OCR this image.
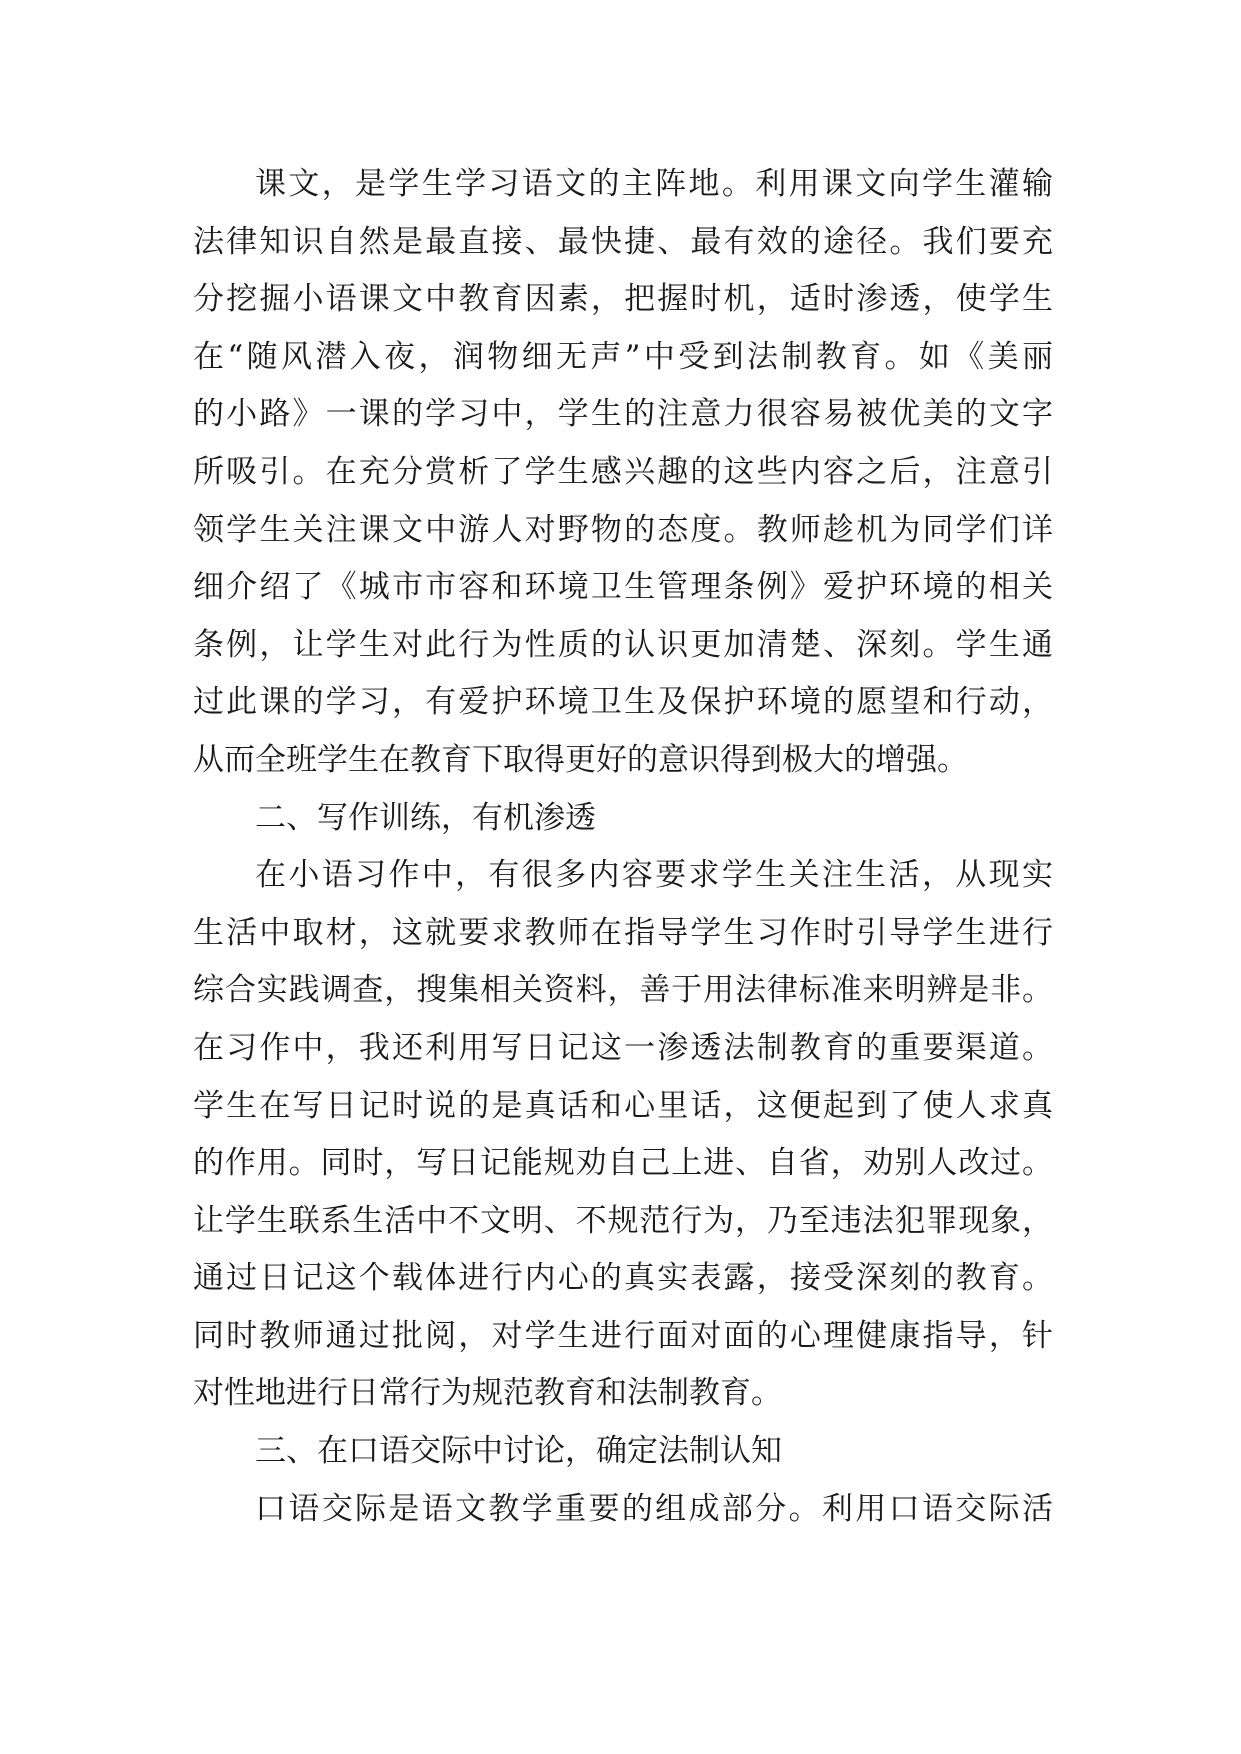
课文，是学生学习语文的主阵地。利用课文向学生灌输
法律知识自然是最直接、最快捷、最有效的途径。我们要充
分挖掘小语课文中教育因素，把握时机，适时渗透，使学生
在“随风潜入夜，润物细无声”中受到法制教育。如《美丽
的小路》一课的学习中，学生的注意力很容易被优美的文字
所吸引。在充分赏析了学生感兴趣的这些内容之后，注意引
领学生关注课文中游人对野物的态度。教师趁机为同学们详
细介绍了《城市市容和环境卫生管理条例》爱护环境的相关
条例，让学生对此行为性质的认识更加清楚、深刻。学生通
过此课的学习，有爱护环境卫生及保护环境的愿望和行动，
从而全班学生在教育下取得更好的意识得到极大的增强。
二、写作训练，有机渗透
在小语习作中，有很多内容要求学生关注生活，从现实
生活中取材，这就要求教师在指导学生习作时引导学生进行
综合实践调查，搜集相关资料，善于用法律标准来明辨是非。
在习作中，我还利用写日记这一渗透法制教育的重要渠道。
学生在写日记时说的是真话和心里话，这便起到了使人求真
的作用。同时，写日记能规劝自己上进、自省，劝别人改过。
让学生联系生活中不文明、不规范行为，乃至违法犯罪现象，
通过日记这个载体进行内心的真实表露，接受深刻的教育。
同时教师通过批阅，对学生进行面对面的心理健康指导，针
对性地进行日常行为规范教育和法制教育。
三、在口语交际中讨论，确定法制认知
口语交际是语文教学重要的组成部分。利用口语交际活
